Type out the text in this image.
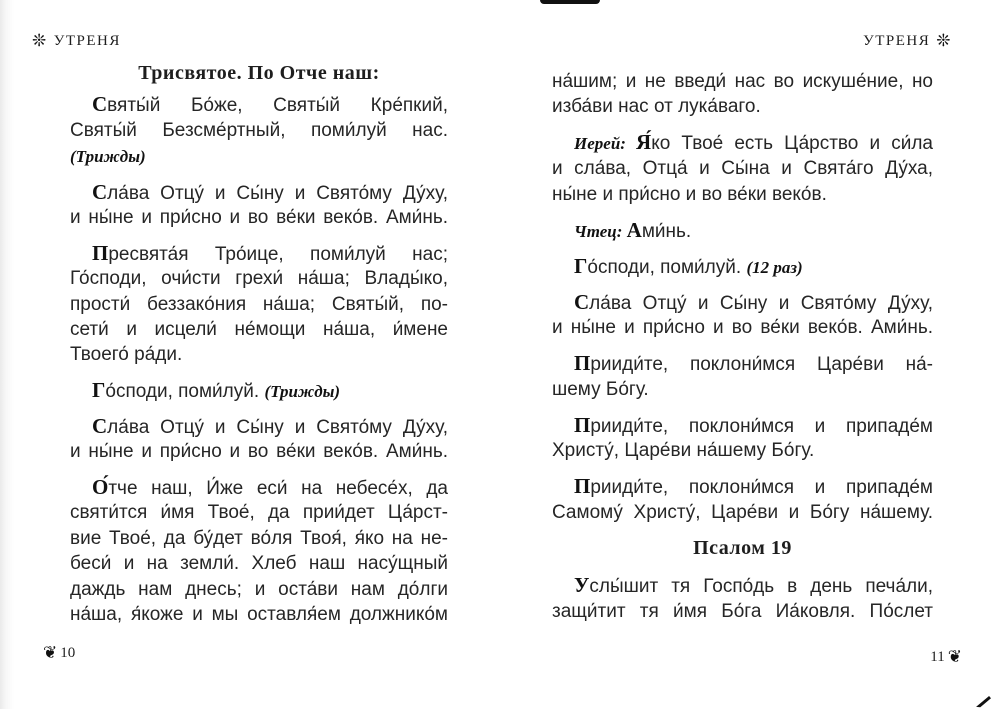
❊ УТРЕНЯ
Трисвятое. По Отче наш:
Святы́й Бо́же, Святы́й Кре́пкий,
Святы́й Безсме́ртный, поми́луй нас.
(Трижды)
Сла́ва Отцу́ и Сы́ну и Свято́му Ду́ху,
и ны́не и при́сно и во ве́ки веко́в. Ами́нь.
Пресвята́я Тро́ице, поми́луй нас;
Го́споди, очи́сти грехи́ на́ша; Влады́ко,
прости́ беззако́ния на́ша; Святы́й, по-
сети́ и исцели́ не́мощи на́ша, и́мене
Твоего́ ра́ди.
Го́споди, поми́луй. (Трижды)
Сла́ва Отцу́ и Сы́ну и Свято́му Ду́ху,
и ны́не и при́сно и во ве́ки веко́в. Ами́нь.
О́тче наш, И́же еси́ на небесе́х, да
святи́тся и́мя Твое́, да прии́дет Ца́рст-
вие Твое́, да бу́дет во́ля Твоя́, я́ко на не-
беси́ и на земли́. Хлеб наш насу́щный
даждь нам днесь; и оста́ви нам до́лги
на́ша, я́коже и мы оставля́ем должнико́м
❦ 10
УТРЕНЯ ❊
на́шим; и не введи́ нас во искуше́ние, но
изба́ви нас от лука́ваго.
Иерей: Я́ко Твое́ есть Ца́рство и си́ла
и сла́ва, Отца́ и Сы́на и Свята́го Ду́ха,
ны́не и при́сно и во ве́ки веко́в.
Чтец: Ами́нь.
Го́споди, поми́луй. (12 раз)
Сла́ва Отцу́ и Сы́ну и Свято́му Ду́ху,
и ны́не и при́сно и во ве́ки веко́в. Ами́нь.
Прииди́те, поклони́мся Царе́ви на́-
шему Бо́гу.
Прииди́те, поклони́мся и припаде́м
Христу́, Царе́ви на́шему Бо́гу.
Прииди́те, поклони́мся и припаде́м
Самому́ Христу́, Царе́ви и Бо́гу на́шему.
Услы́шит тя Госпо́дь в день печа́ли,
защи́тит тя и́мя Бо́га Иа́ковля. По́слет
Псалом 19
11 ❦
